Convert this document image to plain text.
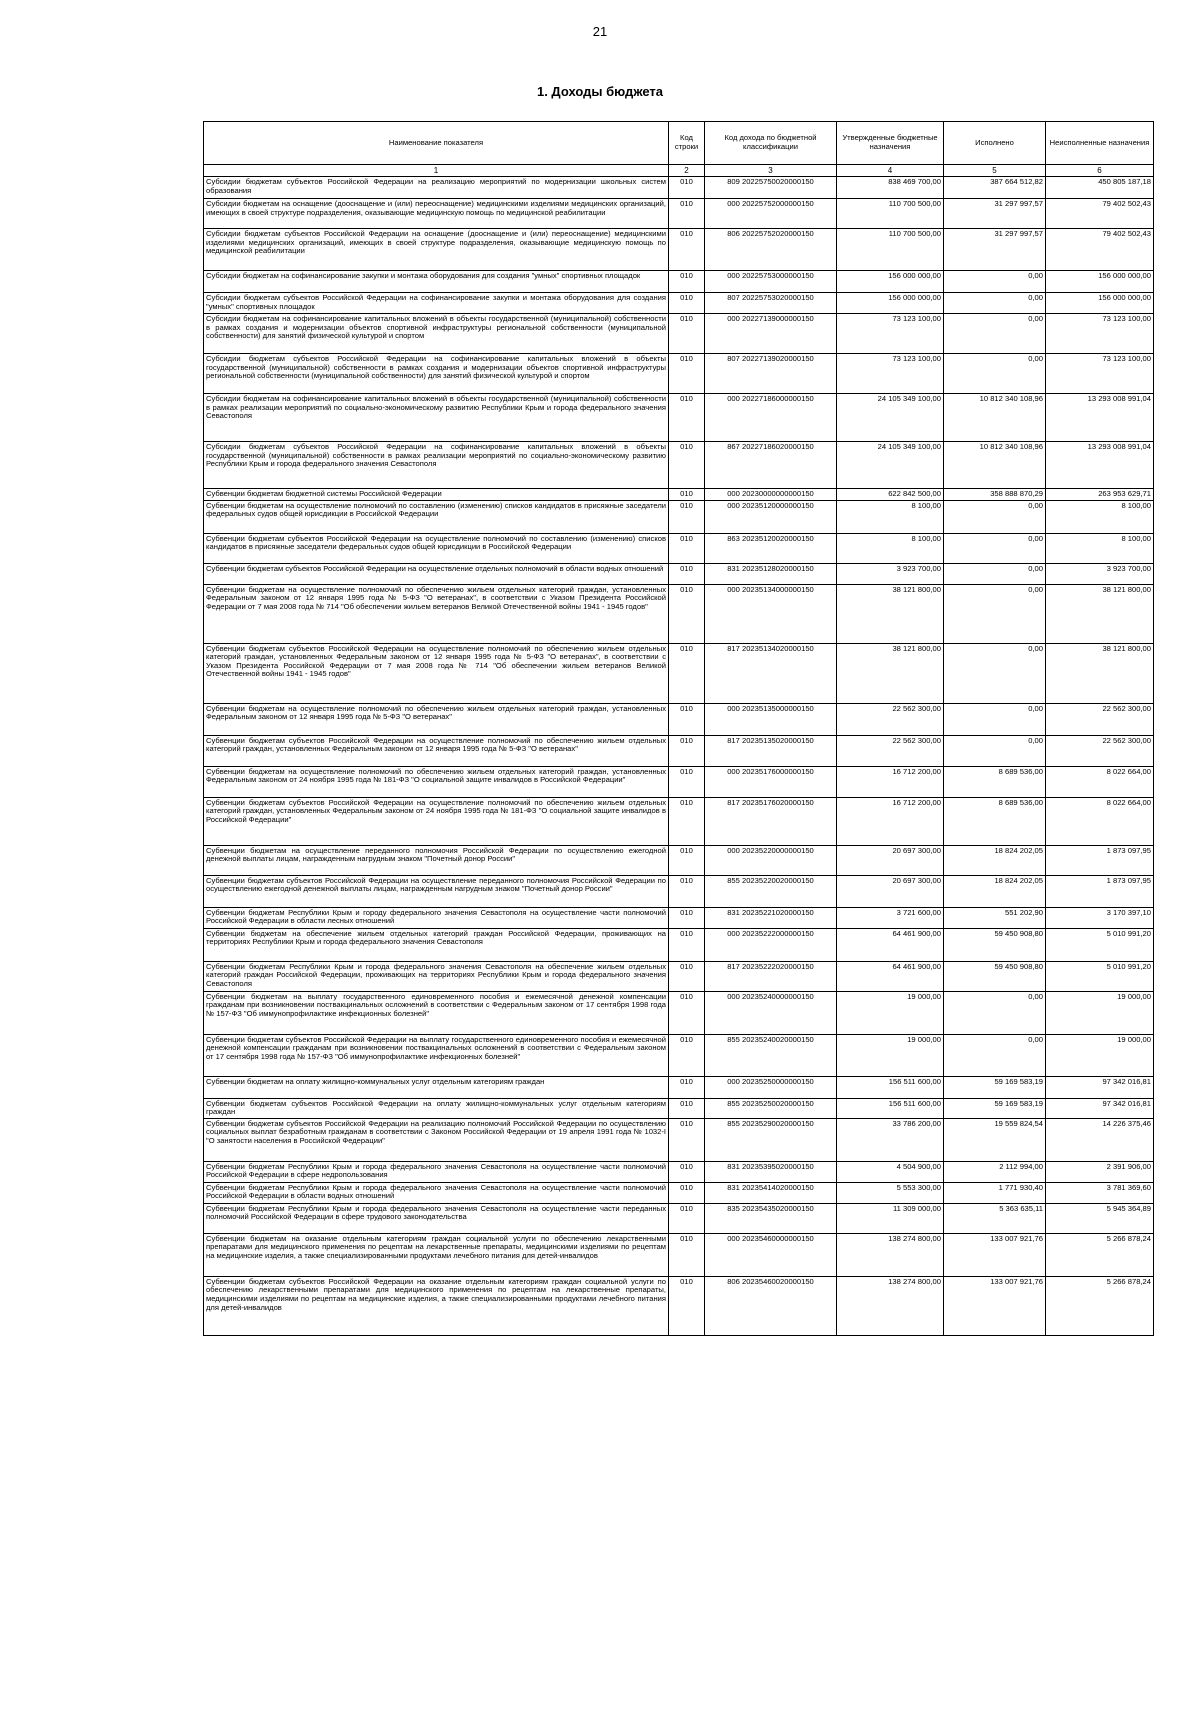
21
1. Доходы бюджета
Наименование показателя	Код строки	Код дохода по бюджетной классификации	Утвержденные бюджетные назначения	Исполнено	Неисполненные назначения
1	2	3	4	5	6
Субсидии бюджетам субъектов Российской Федерации на реализацию мероприятий по модернизации школьных систем образования	010	809 20225750020000150	838 469 700,00	387 664 512,82	450 805 187,18
Субсидии бюджетам на оснащение (дооснащение и (или) переоснащение) медицинскими изделиями медицинских организаций, имеющих в своей структуре подразделения, оказывающие медицинскую помощь по медицинской реабилитации	010	000 20225752000000150	110 700 500,00	31 297 997,57	79 402 502,43
Субсидии бюджетам субъектов Российской Федерации на оснащение (дооснащение и (или) переоснащение) медицинскими изделиями медицинских организаций, имеющих в своей структуре подразделения, оказывающие медицинскую помощь по медицинской реабилитации	010	806 20225752020000150	110 700 500,00	31 297 997,57	79 402 502,43
Субсидии бюджетам на софинансирование закупки и монтажа оборудования для создания "умных" спортивных площадок	010	000 20225753000000150	156 000 000,00	0,00	156 000 000,00
Субсидии бюджетам субъектов Российской Федерации на софинансирование закупки и монтажа оборудования для создания "умных" спортивных площадок	010	807 20225753020000150	156 000 000,00	0,00	156 000 000,00
Субсидии бюджетам на софинансирование капитальных вложений в объекты государственной (муниципальной) собственности в рамках создания и модернизации объектов спортивной инфраструктуры региональной собственности (муниципальной собственности) для занятий физической культурой и спортом	010	000 20227139000000150	73 123 100,00	0,00	73 123 100,00
Субсидии бюджетам субъектов Российской Федерации на софинансирование капитальных вложений в объекты государственной (муниципальной) собственности в рамках создания и модернизации объектов спортивной инфраструктуры региональной собственности (муниципальной собственности) для занятий физической культурой и спортом	010	807 20227139020000150	73 123 100,00	0,00	73 123 100,00
Субсидии бюджетам на софинансирование капитальных вложений в объекты государственной (муниципальной) собственности в рамках реализации мероприятий по социально-экономическому развитию Республики Крым и города федерального значения Севастополя	010	000 20227186000000150	24 105 349 100,00	10 812 340 108,96	13 293 008 991,04
Субсидии бюджетам субъектов Российской Федерации на софинансирование капитальных вложений в объекты государственной (муниципальной) собственности в рамках реализации мероприятий по социально-экономическому развитию Республики Крым и города федерального значения Севастополя	010	867 20227186020000150	24 105 349 100,00	10 812 340 108,96	13 293 008 991,04
Субвенции бюджетам бюджетной системы Российской Федерации	010	000 20230000000000150	622 842 500,00	358 888 870,29	263 953 629,71
Субвенции бюджетам на осуществление полномочий по составлению (изменению) списков кандидатов в присяжные заседатели федеральных судов общей юрисдикции в Российской Федерации	010	000 20235120000000150	8 100,00	0,00	8 100,00
Субвенции бюджетам субъектов Российской Федерации на осуществление полномочий по составлению (изменению) списков кандидатов в присяжные заседатели федеральных судов общей юрисдикции в Российской Федерации	010	863 20235120020000150	8 100,00	0,00	8 100,00
Субвенции бюджетам субъектов Российской Федерации на осуществление отдельных полномочий в области водных отношений	010	831 20235128020000150	3 923 700,00	0,00	3 923 700,00
Субвенции бюджетам на осуществление полномочий по обеспечению жильем отдельных категорий граждан, установленных Федеральным законом от 12 января 1995 года № 5-ФЗ "О ветеранах", в соответствии с Указом Президента Российской Федерации от 7 мая 2008 года № 714 "Об обеспечении жильем ветеранов Великой Отечественной войны 1941 - 1945 годов"	010	000 20235134000000150	38 121 800,00	0,00	38 121 800,00
Субвенции бюджетам субъектов Российской Федерации на осуществление полномочий по обеспечению жильем отдельных категорий граждан, установленных Федеральным законом от 12 января 1995 года № 5-ФЗ "О ветеранах", в соответствии с Указом Президента Российской Федерации от 7 мая 2008 года № 714 "Об обеспечении жильем ветеранов Великой Отечественной войны 1941 - 1945 годов"	010	817 20235134020000150	38 121 800,00	0,00	38 121 800,00
Субвенции бюджетам на осуществление полномочий по обеспечению жильем отдельных категорий граждан, установленных Федеральным законом от 12 января 1995 года № 5-ФЗ "О ветеранах"	010	000 20235135000000150	22 562 300,00	0,00	22 562 300,00
Субвенции бюджетам субъектов Российской Федерации на осуществление полномочий по обеспечению жильем отдельных категорий граждан, установленных Федеральным законом от 12 января 1995 года № 5-ФЗ "О ветеранах"	010	817 20235135020000150	22 562 300,00	0,00	22 562 300,00
Субвенции бюджетам на осуществление полномочий по обеспечению жильем отдельных категорий граждан, установленных Федеральным законом от 24 ноября 1995 года № 181-ФЗ "О социальной защите инвалидов в Российской Федерации"	010	000 20235176000000150	16 712 200,00	8 689 536,00	8 022 664,00
Субвенции бюджетам субъектов Российской Федерации на осуществление полномочий по обеспечению жильем отдельных категорий граждан, установленных Федеральным законом от 24 ноября 1995 года № 181-ФЗ "О социальной защите инвалидов в Российской Федерации"	010	817 20235176020000150	16 712 200,00	8 689 536,00	8 022 664,00
Субвенции бюджетам на осуществление переданного полномочия Российской Федерации по осуществлению ежегодной денежной выплаты лицам, награжденным нагрудным знаком "Почетный донор России"	010	000 20235220000000150	20 697 300,00	18 824 202,05	1 873 097,95
Субвенции бюджетам субъектов Российской Федерации на осуществление переданного полномочия Российской Федерации по осуществлению ежегодной денежной выплаты лицам, награжденным нагрудным знаком "Почетный донор России"	010	855 20235220020000150	20 697 300,00	18 824 202,05	1 873 097,95
Субвенции бюджетам Республики Крым и городу федерального значения Севастополя на осуществление части полномочий Российской Федерации в области лесных отношений	010	831 20235221020000150	3 721 600,00	551 202,90	3 170 397,10
Субвенции бюджетам на обеспечение жильем отдельных категорий граждан Российской Федерации, проживающих на территориях Республики Крым и города федерального значения Севастополя	010	000 20235222000000150	64 461 900,00	59 450 908,80	5 010 991,20
Субвенции бюджетам Республики Крым и города федерального значения Севастополя на обеспечение жильем отдельных категорий граждан Российской Федерации, проживающих на территориях Республики Крым и города федерального значения Севастополя	010	817 20235222020000150	64 461 900,00	59 450 908,80	5 010 991,20
Субвенции бюджетам на выплату государственного единовременного пособия и ежемесячной денежной компенсации гражданам при возникновении поствакцинальных осложнений в соответствии с Федеральным законом от 17 сентября 1998 года № 157-ФЗ "Об иммунопрофилактике инфекционных болезней"	010	000 20235240000000150	19 000,00	0,00	19 000,00
Субвенции бюджетам субъектов Российской Федерации на выплату государственного единовременного пособия и ежемесячной денежной компенсации гражданам при возникновении поствакцинальных осложнений в соответствии с Федеральным законом от 17 сентября 1998 года № 157-ФЗ "Об иммунопрофилактике инфекционных болезней"	010	855 20235240020000150	19 000,00	0,00	19 000,00
Субвенции бюджетам на оплату жилищно-коммунальных услуг отдельным категориям граждан	010	000 20235250000000150	156 511 600,00	59 169 583,19	97 342 016,81
Субвенции бюджетам субъектов Российской Федерации на оплату жилищно-коммунальных услуг отдельным категориям граждан	010	855 20235250020000150	156 511 600,00	59 169 583,19	97 342 016,81
Субвенции бюджетам субъектов Российской Федерации на реализацию полномочий Российской Федерации по осуществлению социальных выплат безработным гражданам в соответствии с Законом Российской Федерации от 19 апреля 1991 года № 1032-I "О занятости населения в Российской Федерации"	010	855 20235290020000150	33 786 200,00	19 559 824,54	14 226 375,46
Субвенции бюджетам Республики Крым и города федерального значения Севастополя на осуществление части полномочий Российской Федерации в сфере недропользования	010	831 20235395020000150	4 504 900,00	2 112 994,00	2 391 906,00
Субвенции бюджетам Республики Крым и города федерального значения Севастополя на осуществление части полномочий Российской Федерации в области водных отношений	010	831 20235414020000150	5 553 300,00	1 771 930,40	3 781 369,60
Субвенции бюджетам Республики Крым и города федерального значения Севастополя на осуществление части переданных полномочий Российской Федерации в сфере трудового законодательства	010	835 20235435020000150	11 309 000,00	5 363 635,11	5 945 364,89
Субвенции бюджетам на оказание отдельным категориям граждан социальной услуги по обеспечению лекарственными препаратами для медицинского применения по рецептам на лекарственные препараты, медицинскими изделиями по рецептам на медицинские изделия, а также специализированными продуктами лечебного питания для детей-инвалидов	010	000 20235460000000150	138 274 800,00	133 007 921,76	5 266 878,24
Субвенции бюджетам субъектов Российской Федерации на оказание отдельным категориям граждан социальной услуги по обеспечению лекарственными препаратами для медицинского применения по рецептам на лекарственные препараты, медицинскими изделиями по рецептам на медицинские изделия, а также специализированными продуктами лечебного питания для детей-инвалидов	010	806 20235460020000150	138 274 800,00	133 007 921,76	5 266 878,24
